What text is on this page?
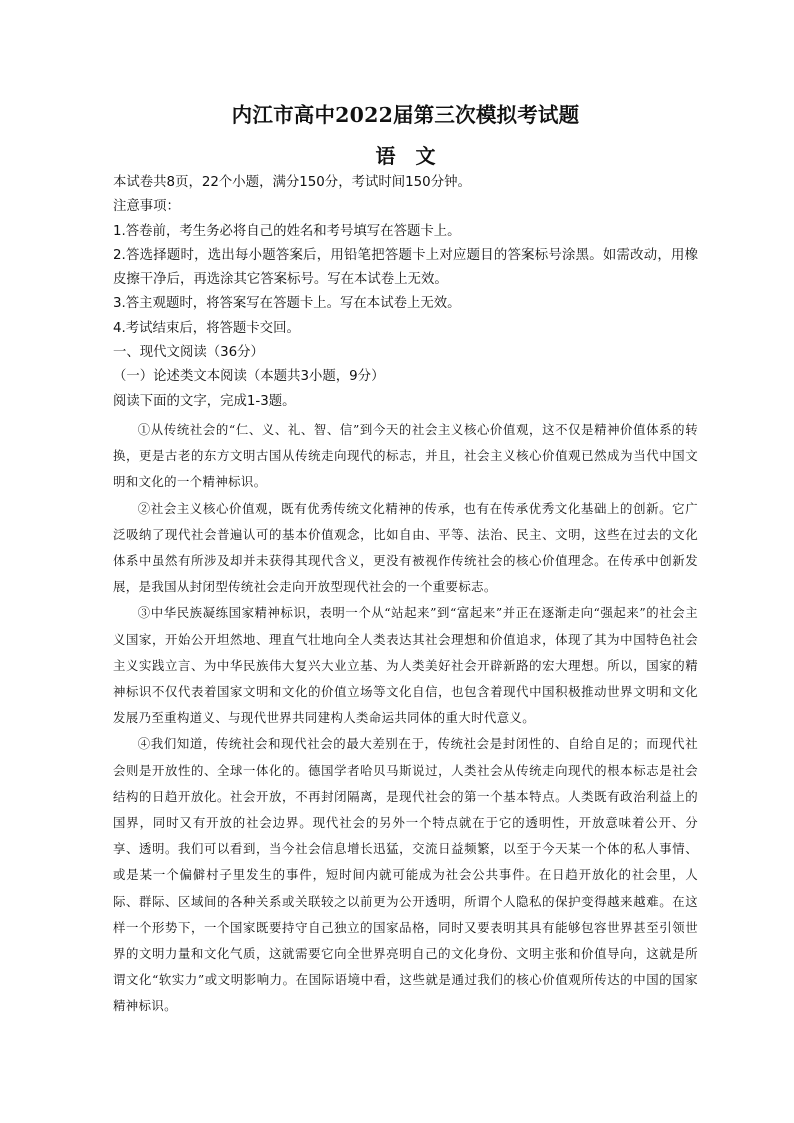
内江市高中2022届第三次模拟考试题
语　文
本试卷共8页，22个小题，满分150分，考试时间150分钟。
注意事项：
1.答卷前，考生务必将自己的姓名和考号填写在答题卡上。
2.答选择题时，选出每小题答案后，用铅笔把答题卡上对应题目的答案标号涂黑。如需改动，用橡皮擦干净后，再选涂其它答案标号。写在本试卷上无效。
3.答主观题时，将答案写在答题卡上。写在本试卷上无效。
4.考试结束后，将答题卡交回。
一、现代文阅读（36分）
（一）论述类文本阅读（本题共3小题，9分）
阅读下面的文字，完成1-3题。

①从传统社会的“仁、义、礼、智、信”到今天的社会主义核心价值观，这不仅是精神价值体系的转换，更是古老的东方文明古国从传统走向现代的标志，并且，社会主义核心价值观已然成为当代中国文明和文化的一个精神标识。

②社会主义核心价值观，既有优秀传统文化精神的传承，也有在传承优秀文化基础上的创新。它广泛吸纳了现代社会普遍认可的基本价值观念，比如自由、平等、法治、民主、文明，这些在过去的文化体系中虽然有所涉及却并未获得其现代含义，更没有被视作传统社会的核心价值理念。在传承中创新发展，是我国从封闭型传统社会走向开放型现代社会的一个重要标志。

③中华民族凝练国家精神标识，表明一个从“站起来”到“富起来”并正在逐渐走向“强起来”的社会主义国家，开始公开坦然地、理直气壮地向全人类表达其社会理想和价值追求，体现了其为中国特色社会主义实践立言、为中华民族伟大复兴大业立基、为人类美好社会开辟新路的宏大理想。所以，国家的精神标识不仅代表着国家文明和文化的价值立场等文化自信，也包含着现代中国积极推动世界文明和文化发展乃至重构道义、与现代世界共同建构人类命运共同体的重大时代意义。

④我们知道，传统社会和现代社会的最大差别在于，传统社会是封闭性的、自给自足的；而现代社会则是开放性的、全球一体化的。德国学者哈贝马斯说过，人类社会从传统走向现代的根本标志是社会结构的日趋开放化。社会开放，不再封闭隔离，是现代社会的第一个基本特点。人类既有政治利益上的国界，同时又有开放的社会边界。现代社会的另外一个特点就在于它的透明性，开放意味着公开、分享、透明。我们可以看到，当今社会信息增长迅猛，交流日益频繁，以至于今天某一个体的私人事情、或是某一个偏僻村子里发生的事件，短时间内就可能成为社会公共事件。在日趋开放化的社会里，人际、群际、区域间的各种关系或关联较之以前更为公开透明，所谓个人隐私的保护变得越来越难。在这样一个形势下，一个国家既要持守自己独立的国家品格，同时又要表明其具有能够包容世界甚至引领世界的文明力量和文化气质，这就需要它向全世界亮明自己的文化身份、文明主张和价值导向，这就是所谓文化“软实力”或文明影响力。在国际语境中看，这些就是通过我们的核心价值观所传达的中国的国家精神标识。
